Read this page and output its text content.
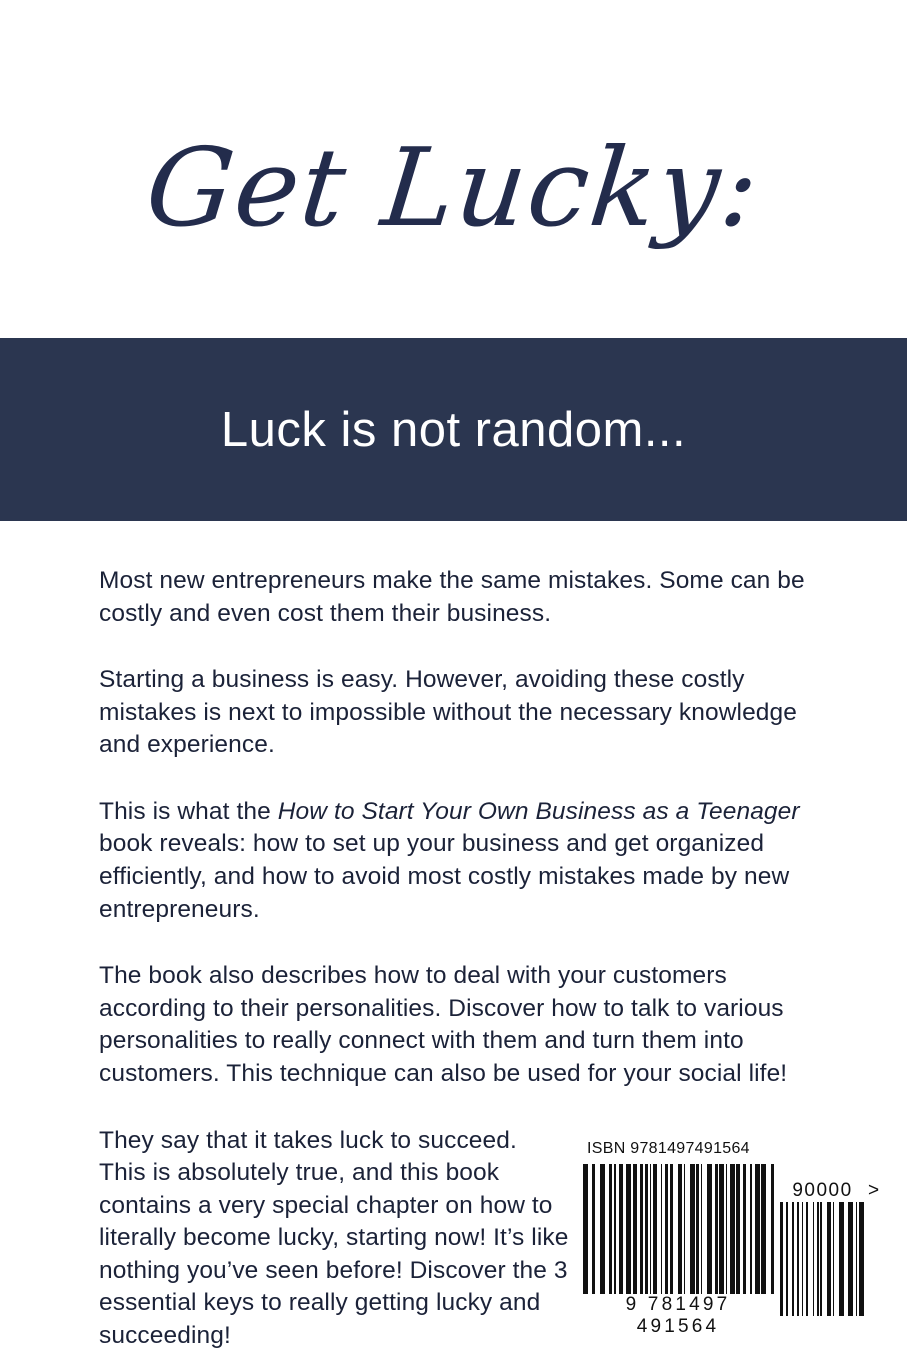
Get Lucky:
Luck is not random...

Most new entrepreneurs make the same mistakes. Some can be costly and even cost them their business.

Starting a business is easy. However, avoiding these costly mistakes is next to impossible without the necessary knowledge and experience.

This is what the How to Start Your Own Business as a Teenager book reveals: how to set up your business and get organized efficiently, and how to avoid most costly mistakes made by new entrepreneurs.

The book also describes how to deal with your customers according to their personalities. Discover how to talk to various personalities to really connect with them and turn them into customers. This technique can also be used for your social life!

They say that it takes luck to succeed. This is absolutely true, and this book contains a very special chapter on how to literally become lucky, starting now! It’s like nothing you’ve seen before! Discover the 3 essential keys to really getting lucky and succeeding!

ISBN 9781497491564
9 781497 491564
90000 >
